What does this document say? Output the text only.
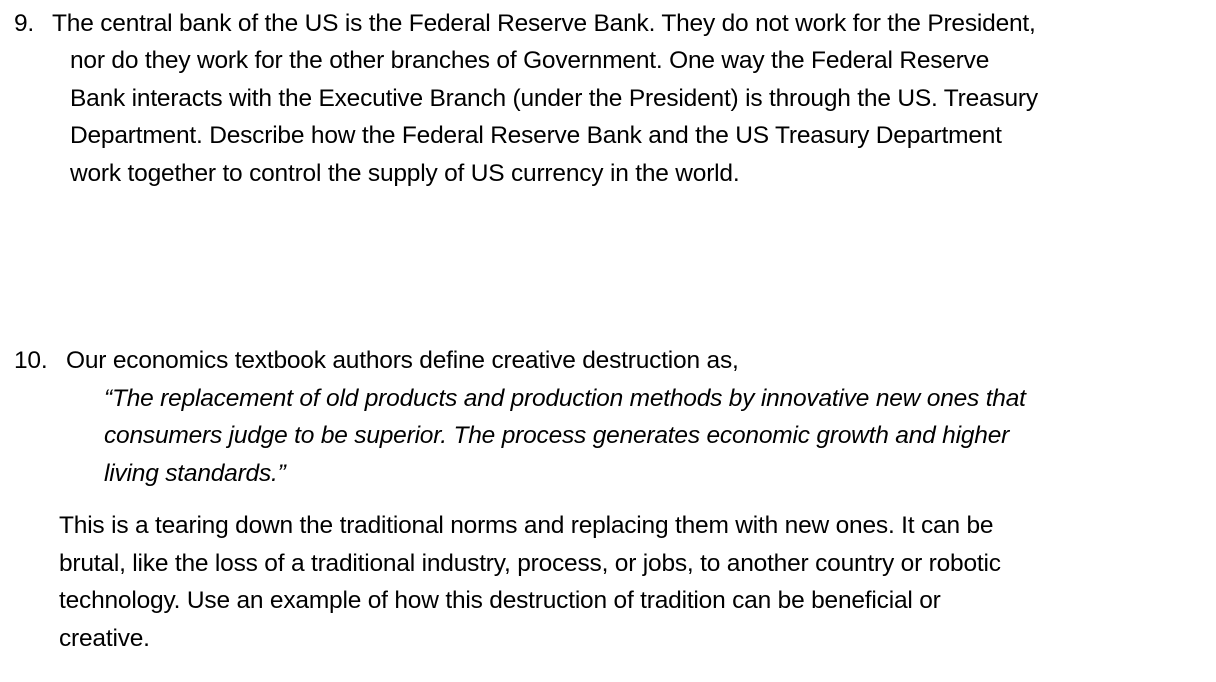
9. The central bank of the US is the Federal Reserve Bank. They do not work for the President,
nor do they work for the other branches of Government. One way the Federal Reserve
Bank interacts with the Executive Branch (under the President) is through the US. Treasury
Department. Describe how the Federal Reserve Bank and the US Treasury Department
work together to control the supply of US currency in the world.
10. Our economics textbook authors define creative destruction as,
“The replacement of old products and production methods by innovative new ones that
consumers judge to be superior. The process generates economic growth and higher
living standards.”
This is a tearing down the traditional norms and replacing them with new ones. It can be
brutal, like the loss of a traditional industry, process, or jobs, to another country or robotic
technology. Use an example of how this destruction of tradition can be beneficial or
creative.
